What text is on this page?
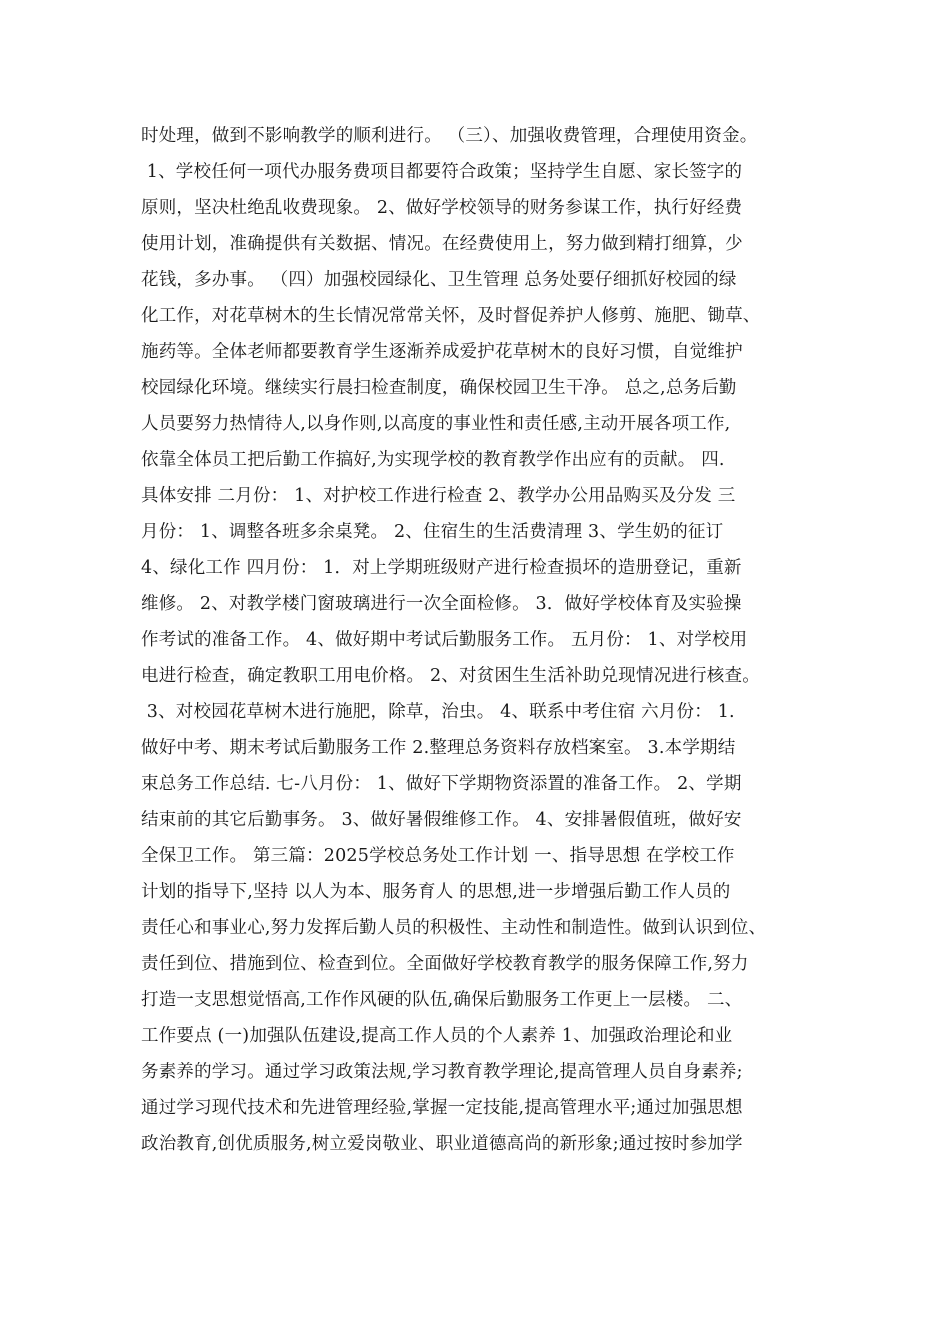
时处理，做到不影响教学的顺利进行。 （三）、加强收费管理，合理使用资金。
1、学校任何一项代办服务费项目都要符合政策；坚持学生自愿、家长签字的
原则，坚决杜绝乱收费现象。 2、做好学校领导的财务参谋工作，执行好经费
使用计划，准确提供有关数据、情况。在经费使用上，努力做到精打细算，少
花钱，多办事。 （四）加强校园绿化、卫生管理 总务处要仔细抓好校园的绿
化工作，对花草树木的生长情况常常关怀，及时督促养护人修剪、施肥、锄草、
施药等。全体老师都要教育学生逐渐养成爱护花草树木的良好习惯，自觉维护
校园绿化环境。继续实行晨扫检查制度，确保校园卫生干净。 总之,总务后勤
人员要努力热情待人,以身作则,以高度的事业性和责任感,主动开展各项工作,
依靠全体员工把后勤工作搞好,为实现学校的教育教学作出应有的贡献。 四.
具体安排 二月份： 1、对护校工作进行检查 2、教学办公用品购买及分发 三
月份： 1、调整各班多余桌凳。 2、住宿生的生活费清理 3、学生奶的征订
4、绿化工作 四月份： 1．对上学期班级财产进行检查损坏的造册登记，重新
维修。 2、对教学楼门窗玻璃进行一次全面检修。 3．做好学校体育及实验操
作考试的准备工作。 4、做好期中考试后勤服务工作。 五月份： 1、对学校用
电进行检查，确定教职工用电价格。 2、对贫困生生活补助兑现情况进行核查。
3、对校园花草树木进行施肥，除草，治虫。 4、联系中考住宿 六月份： 1.
做好中考、期末考试后勤服务工作 2.整理总务资料存放档案室。 3.本学期结
束总务工作总结. 七-八月份： 1、做好下学期物资添置的准备工作。 2、学期
结束前的其它后勤事务。 3、做好暑假维修工作。 4、安排暑假值班，做好安
全保卫工作。 第三篇：2025学校总务处工作计划 一、指导思想 在学校工作
计划的指导下,坚持 以人为本、服务育人 的思想,进一步增强后勤工作人员的
责任心和事业心,努力发挥后勤人员的积极性、主动性和制造性。做到认识到位、
责任到位、措施到位、检查到位。全面做好学校教育教学的服务保障工作,努力
打造一支思想觉悟高,工作作风硬的队伍,确保后勤服务工作更上一层楼。 二、
工作要点 (一)加强队伍建设,提高工作人员的个人素养 1、加强政治理论和业
务素养的学习。通过学习政策法规,学习教育教学理论,提高管理人员自身素养;
通过学习现代技术和先进管理经验,掌握一定技能,提高管理水平;通过加强思想
政治教育,创优质服务,树立爱岗敬业、职业道德高尚的新形象;通过按时参加学
